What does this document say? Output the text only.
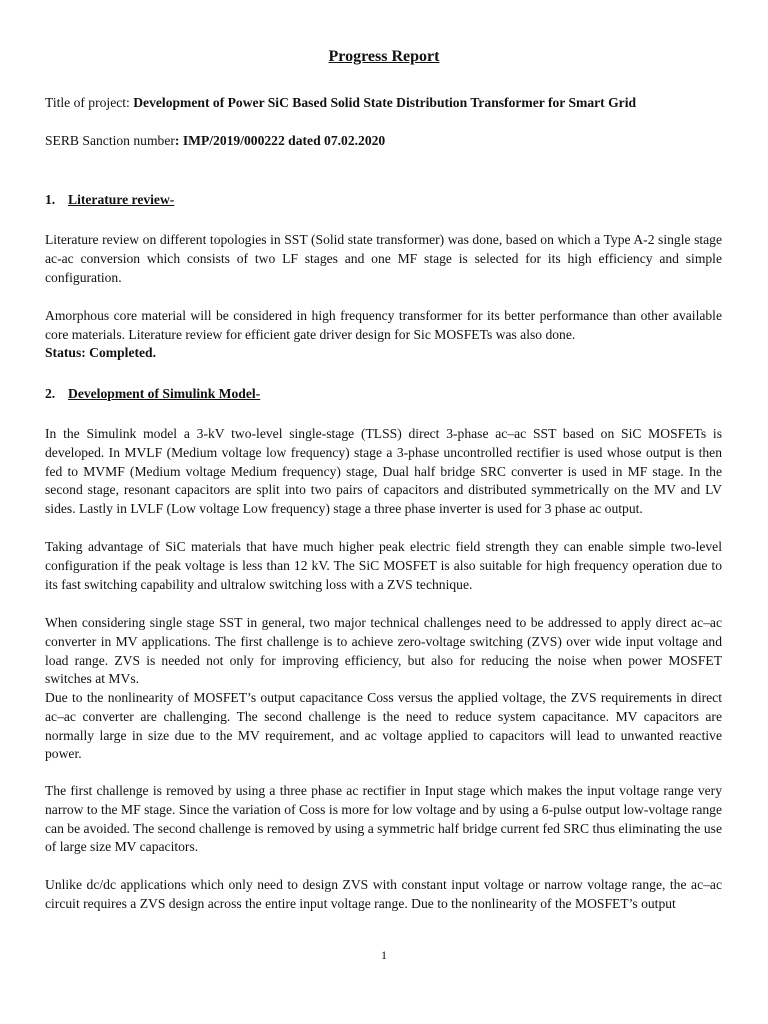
Progress Report
Title of project: Development of Power SiC Based Solid State Distribution Transformer for Smart Grid
SERB Sanction number: IMP/2019/000222 dated 07.02.2020
1. Literature review-
Literature review on different topologies in SST (Solid state transformer) was done, based on which a Type A-2 single stage ac-ac conversion which consists of two LF stages and one MF stage is selected for its high efficiency and simple configuration.
Amorphous core material will be considered in high frequency transformer for its better performance than other available core materials. Literature review for efficient gate driver design for Sic MOSFETs was also done.
Status: Completed.
2. Development of Simulink Model-
In the Simulink model a 3-kV two-level single-stage (TLSS) direct 3-phase ac–ac SST based on SiC MOSFETs is developed. In MVLF (Medium voltage low frequency) stage a 3-phase uncontrolled rectifier is used whose output is then fed to MVMF (Medium voltage Medium frequency) stage, Dual half bridge SRC converter is used in MF stage. In the second stage, resonant capacitors are split into two pairs of capacitors and distributed symmetrically on the MV and LV sides. Lastly in LVLF (Low voltage Low frequency) stage a three phase inverter is used for 3 phase ac output.
Taking advantage of SiC materials that have much higher peak electric field strength they can enable simple two-level configuration if the peak voltage is less than 12 kV. The SiC MOSFET is also suitable for high frequency operation due to its fast switching capability and ultralow switching loss with a ZVS technique.
When considering single stage SST in general, two major technical challenges need to be addressed to apply direct ac–ac converter in MV applications. The first challenge is to achieve zero-voltage switching (ZVS) over wide input voltage and load range. ZVS is needed not only for improving efficiency, but also for reducing the noise when power MOSFET switches at MVs.
Due to the nonlinearity of MOSFET’s output capacitance Coss versus the applied voltage, the ZVS requirements in direct ac–ac converter are challenging. The second challenge is the need to reduce system capacitance. MV capacitors are normally large in size due to the MV requirement, and ac voltage applied to capacitors will lead to unwanted reactive power.
The first challenge is removed by using a three phase ac rectifier in Input stage which makes the input voltage range very narrow to the MF stage. Since the variation of Coss is more for low voltage and by using a 6-pulse output low-voltage range can be avoided. The second challenge is removed by using a symmetric half bridge current fed SRC thus eliminating the use of large size MV capacitors.
Unlike dc/dc applications which only need to design ZVS with constant input voltage or narrow voltage range, the ac–ac circuit requires a ZVS design across the entire input voltage range. Due to the nonlinearity of the MOSFET’s output
1
